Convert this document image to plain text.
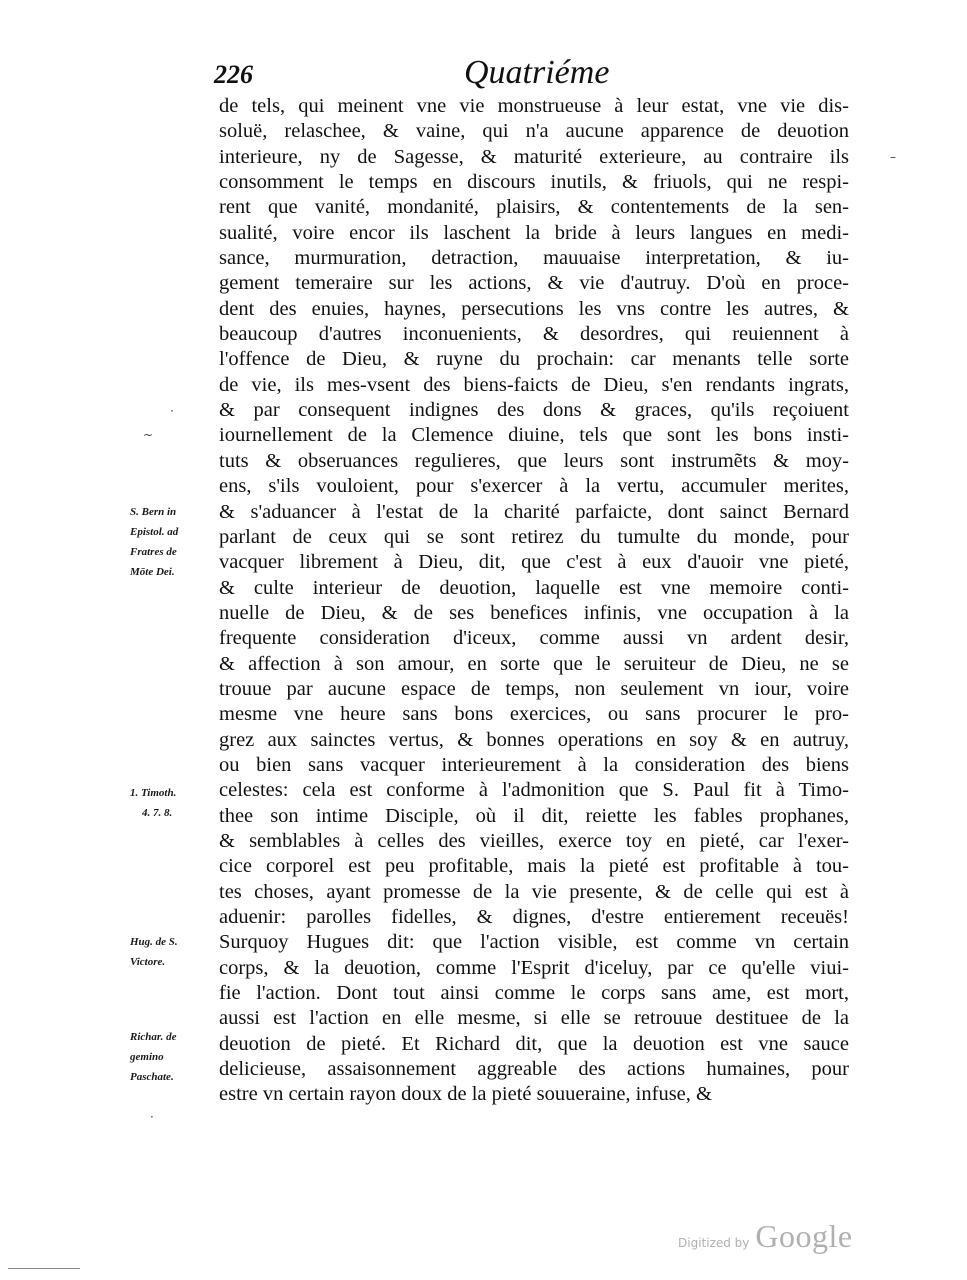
226	Quatriéme
de tels, qui meinent vne vie monstrueuse à leur estat, vne vie dis-
soluë, relaschee, & vaine, qui n'a aucune apparence de deuotion
interieure, ny de Sagesse, & maturité exterieure, au contraire ils
consomment le temps en discours inutils, & friuols, qui ne respi-
rent que vanité, mondanité, plaisirs, & contentements de la sen-
sualité, voire encor ils laschent la bride à leurs langues en medi-
sance, murmuration, detraction, mauuaise interpretation, & iu-
gement temeraire sur les actions, & vie d'autruy. D'où en proce-
dent des enuies, haynes, persecutions les vns contre les autres, &
beaucoup d'autres inconuenients, & desordres, qui reuiennent à
l'offence de Dieu, & ruyne du prochain: car menants telle sorte
de vie, ils mes-vsent des biens-faicts de Dieu, s'en rendants ingrats,
& par consequent indignes des dons & graces, qu'ils reçoiuent
iournellement de la Clemence diuine, tels que sont les bons insti-
tuts & obseruances regulieres, que leurs sont instrumẽts & moy-
ens, s'ils vouloient, pour s'exercer à la vertu, accumuler merites,
& s'aduancer à l'estat de la charité parfaicte, dont sainct Bernard
parlant de ceux qui se sont retirez du tumulte du monde, pour
vacquer librement à Dieu, dit, que c'est à eux d'auoir vne pieté,
& culte interieur de deuotion, laquelle est vne memoire conti-
nuelle de Dieu, & de ses benefices infinis, vne occupation à la
frequente consideration d'iceux, comme aussi vn ardent desir,
& affection à son amour, en sorte que le seruiteur de Dieu, ne se
trouue par aucune espace de temps, non seulement vn iour, voire
mesme vne heure sans bons exercices, ou sans procurer le pro-
grez aux sainctes vertus, & bonnes operations en soy & en autruy,
ou bien sans vacquer interieurement à la consideration des biens
celestes: cela est conforme à l'admonition que S. Paul fit à Timo-
thee son intime Disciple, où il dit, reiette les fables prophanes,
& semblables à celles des vieilles, exerce toy en pieté, car l'exer-
cice corporel est peu profitable, mais la pieté est profitable à tou-
tes choses, ayant promesse de la vie presente, & de celle qui est à
aduenir: parolles fidelles, & dignes, d'estre entierement receuës!
Surquoy Hugues dit: que l'action visible, est comme vn certain
corps, & la deuotion, comme l'Esprit d'iceluy, par ce qu'elle viui-
fie l'action. Dont tout ainsi comme le corps sans ame, est mort,
aussi est l'action en elle mesme, si elle se retrouue destituee de la
deuotion de pieté. Et Richard dit, que la deuotion est vne sauce
delicieuse, assaisonnement aggreable des actions humaines, pour
estre vn certain rayon doux de la pieté souueraine, infuse, &
S. Bern in
Epistol. ad
Fratres de
Mōte Dei.
1. Timoth.
4. 7. 8.
Hug. de S.
Victore.
Richar. de
gemino
Paschate.
·
~
–
·
Digitized by Google
